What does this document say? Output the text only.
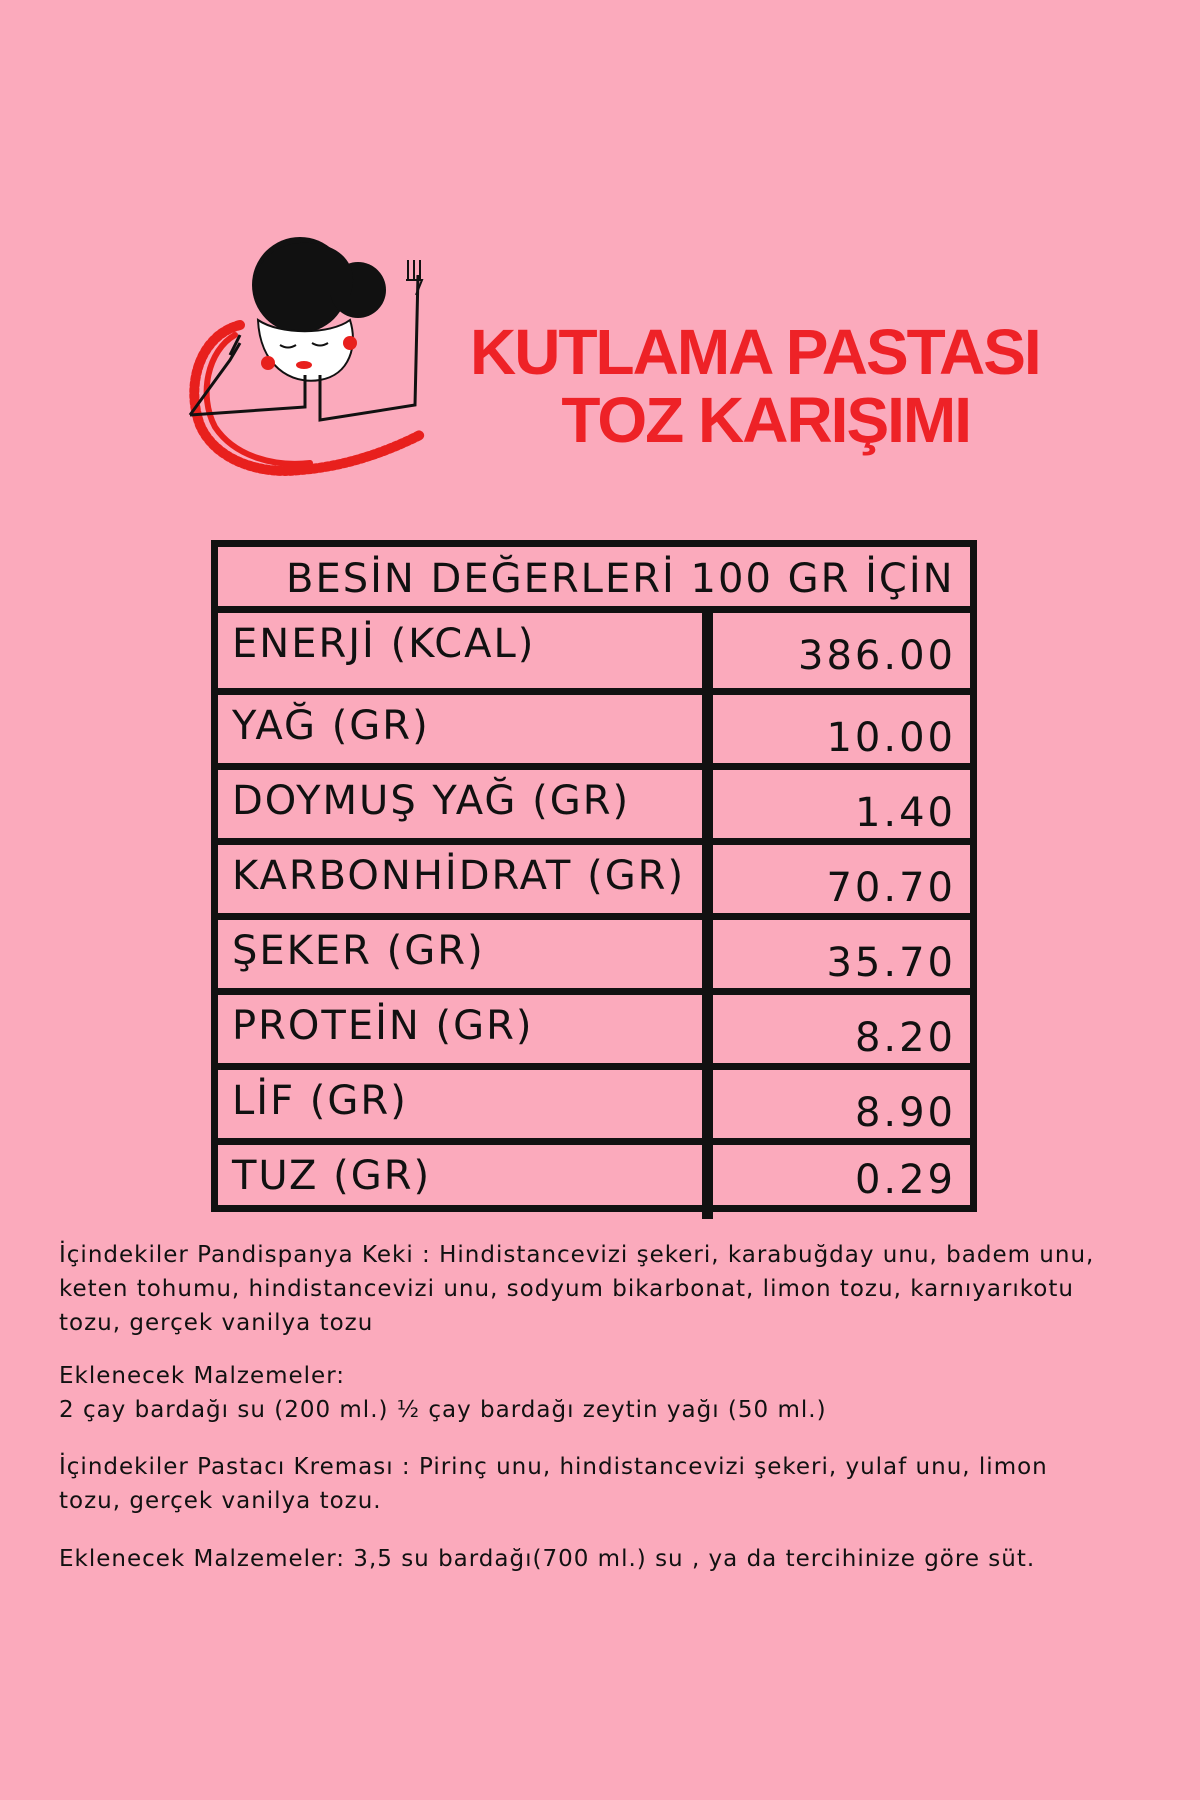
KUTLAMA PASTASI
TOZ KARIŞIMI
BESİN DEĞERLERİ 100 GR İÇİN
ENERJİ (KCAL)	386.00
YAĞ (GR)	10.00
DOYMUŞ YAĞ (GR)	1.40
KARBONHİDRAT (GR)	70.70
ŞEKER (GR)	35.70
PROTEİN (GR)	8.20
LİF (GR)	8.90
TUZ (GR)	0.29

İçindekiler Pandispanya Keki : Hindistancevizi şekeri, karabuğday unu, badem unu,

keten tohumu, hindistancevizi unu, sodyum bikarbonat, limon tozu, karnıyarıkotu

tozu, gerçek vanilya tozu

Eklenecek Malzemeler:

2 çay bardağı su (200 ml.) ½ çay bardağı zeytin yağı (50 ml.)

İçindekiler Pastacı Kreması : Pirinç unu, hindistancevizi şekeri, yulaf unu, limon

tozu, gerçek vanilya tozu.

Eklenecek Malzemeler: 3,5 su bardağı(700 ml.) su , ya da tercihinize göre süt.
